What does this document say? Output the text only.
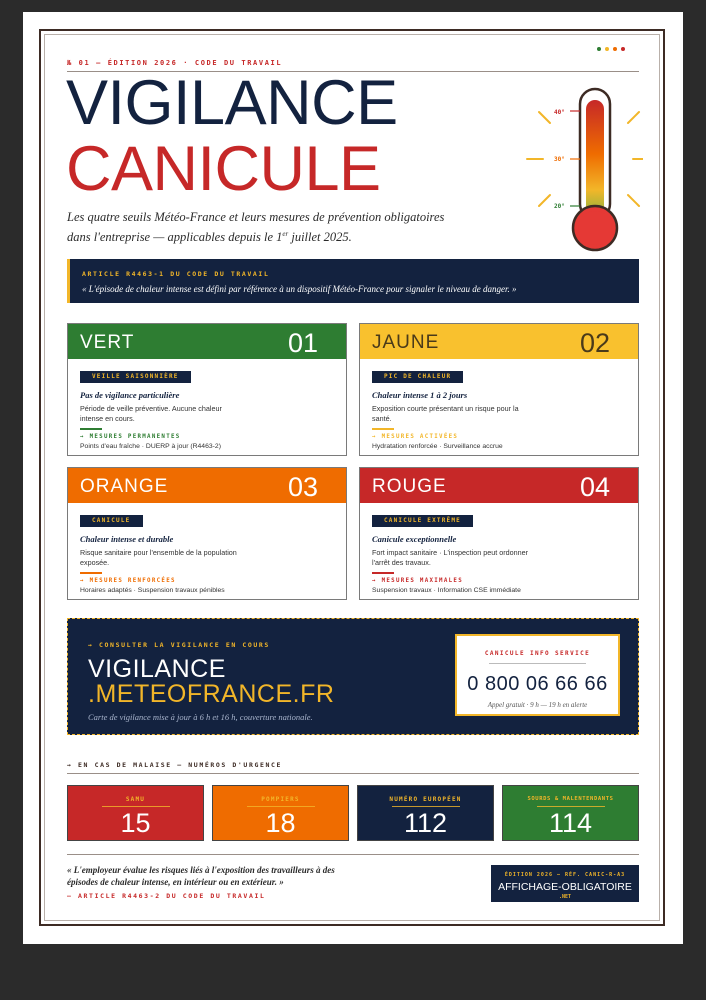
№ 01 — ÉDITION 2026 · CODE DU TRAVAIL
VIGILANCE
CANICULE
Les quatre seuils Météo-France et leurs mesures de prévention obligatoires dans l'entreprise — applicables depuis le 1er juillet 2025.
40°
30°
20°
ARTICLE R4463-1 DU CODE DU TRAVAIL
« L'épisode de chaleur intense est défini par référence à un dispositif Météo-France pour signaler le niveau de danger. »
VERT	01
VEILLE SAISONNIÈRE
Pas de vigilance particulière
Période de veille préventive. Aucune chaleur intense en cours.
→ MESURES PERMANENTES
Points d'eau fraîche · DUERP à jour (R4463-2)
JAUNE	02
PIC DE CHALEUR
Chaleur intense 1 à 2 jours
Exposition courte présentant un risque pour la santé.
→ MESURES ACTIVÉES
Hydratation renforcée · Surveillance accrue
ORANGE	03
CANICULE
Chaleur intense et durable
Risque sanitaire pour l'ensemble de la population exposée.
→ MESURES RENFORCÉES
Horaires adaptés · Suspension travaux pénibles
ROUGE	04
CANICULE EXTRÊME
Canicule exceptionnelle
Fort impact sanitaire · L'inspection peut ordonner l'arrêt des travaux.
→ MESURES MAXIMALES
Suspension travaux · Information CSE immédiate
→ CONSULTER LA VIGILANCE EN COURS
VIGILANCE
.METEOFRANCE.FR
Carte de vigilance mise à jour à 6 h et 16 h, couverture nationale.
CANICULE INFO SERVICE
0 800 06 66 66
Appel gratuit · 9 h — 19 h en alerte
→ EN CAS DE MALAISE — NUMÉROS D'URGENCE
SAMU
15
POMPIERS
18
NUMÉRO EUROPÉEN
112
SOURDS & MALENTENDANTS
114
« L'employeur évalue les risques liés à l'exposition des travailleurs à des épisodes de chaleur intense, en intérieur ou en extérieur. »
— ARTICLE R4463-2 DU CODE DU TRAVAIL
ÉDITION 2026 — RÉF. CANIC-R-A3
AFFICHAGE-OBLIGATOIRE
.NET
